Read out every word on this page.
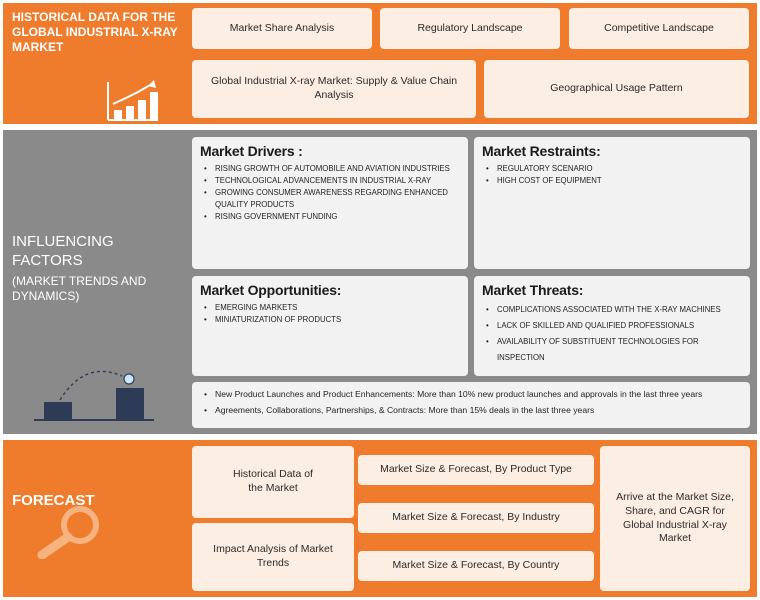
HISTORICAL DATA FOR THE GLOBAL INDUSTRIAL X-RAY MARKET
Market Share Analysis	Regulatory Landscape	Competitive Landscape
Global Industrial X-ray Market: Supply & Value Chain Analysis
Geographical Usage Pattern
INFLUENCING FACTORS
(MARKET TRENDS AND DYNAMICS)
Market Drivers :
• RISING GROWTH OF AUTOMOBILE AND AVIATION INDUSTRIES
• TECHNOLOGICAL ADVANCEMENTS IN INDUSTRIAL X-RAY
• GROWING CONSUMER AWARENESS REGARDING ENHANCED QUALITY PRODUCTS
• RISING GOVERNMENT FUNDING
Market Restraints:
• REGULATORY SCENARIO
• HIGH COST OF EQUIPMENT
Market Opportunities:
• EMERGING MARKETS
• MINIATURIZATION OF PRODUCTS
Market Threats:
• COMPLICATIONS ASSOCIATED WITH THE X-RAY MACHINES
• LACK OF SKILLED AND QUALIFIED PROFESSIONALS
• AVAILABILITY OF SUBSTITUENT TECHNOLOGIES FOR INSPECTION
• New Product Launches and Product Enhancements: More than 10% new product launches and approvals in the last three years
• Agreements, Collaborations, Partnerships, & Contracts: More than 15% deals in the last three years
FORECAST
Historical Data of the Market
Impact Analysis of Market Trends
Market Size & Forecast, By Product Type
Market Size & Forecast, By Industry
Market Size & Forecast, By Country
Arrive at the Market Size, Share, and CAGR for Global Industrial X-ray Market
